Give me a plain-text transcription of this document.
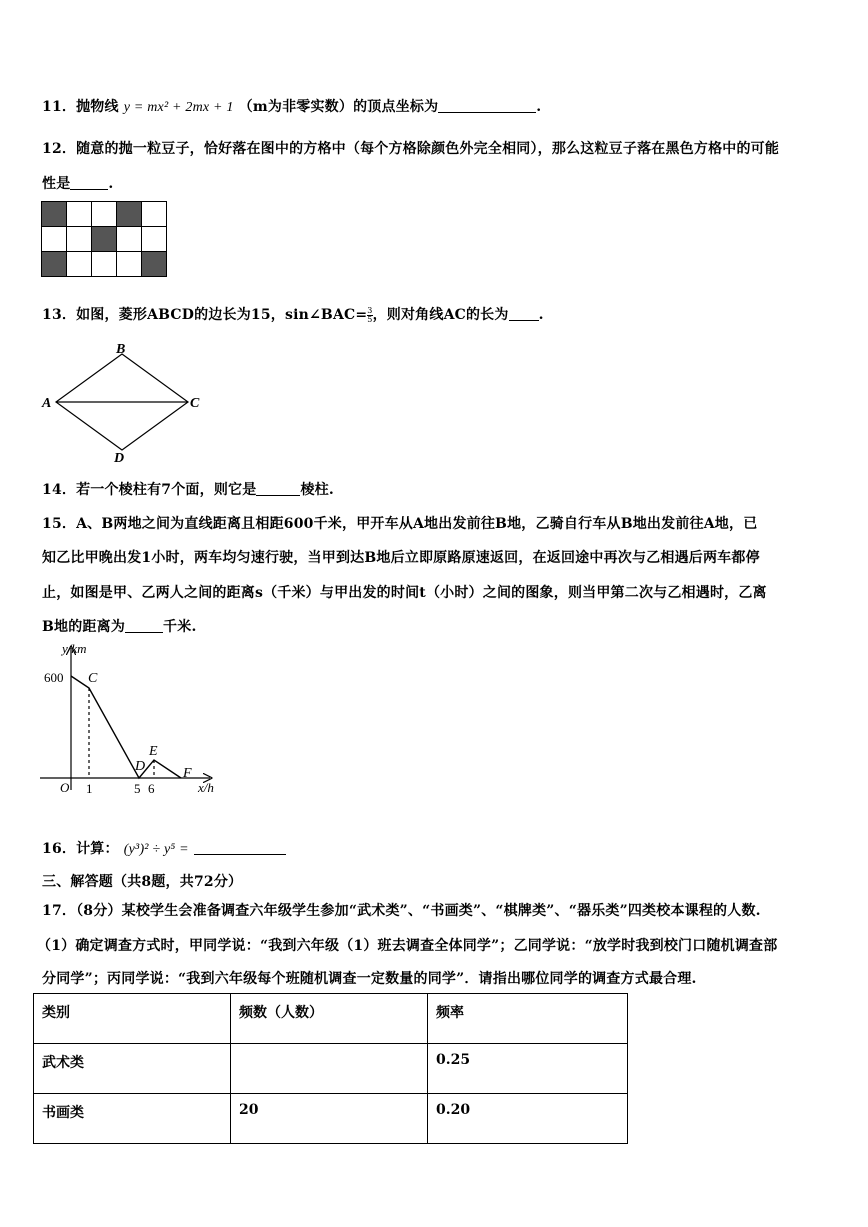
11．抛物线 y = mx² + 2mx + 1 （m为非零实数）的顶点坐标为	.
12．随意的抛一粒豆子，恰好落在图中的方格中（每个方格除颜色外完全相同），那么这粒豆子落在黑色方格中的可能
性是	.

13．如图，菱形ABCD的边长为15，sin∠BAC= $\frac{3}{5}$ ，则对角线AC的长为 .
A
B
C
D
14．若一个棱柱有7个面，则它是	棱柱.
15．A、B两地之间为直线距离且相距600千米，甲开车从A地出发前往B地，乙骑自行车从B地出发前往A地，已
知乙比甲晚出发1小时，两车均匀速行驶，当甲到达B地后立即原路原速返回，在返回途中再次与乙相遇后两车都停
止，如图是甲、乙两人之间的距离s（千米）与甲出发的时间t（小时）之间的图象，则当甲第二次与乙相遇时，乙离
B地的距离为	千米.
y/km
x/h
O
600
1	5 6
C
D
E
F
16．计算： (y³)² ÷ y⁵ =
三、解答题（共8题，共72分）
17．（8分）某校学生会准备调查六年级学生参加“武术类”、“书画类”、“棋牌类”、“器乐类”四类校本课程的人数.
（1）确定调查方式时，甲同学说：“我到六年级（1）班去调查全体同学”；乙同学说：“放学时我到校门口随机调查部
分同学”；丙同学说：“我到六年级每个班随机调查一定数量的同学”．请指出哪位同学的调查方式最合理.
类别	频数（人数）	频率
武术类		0.25
书画类	20	0.20
